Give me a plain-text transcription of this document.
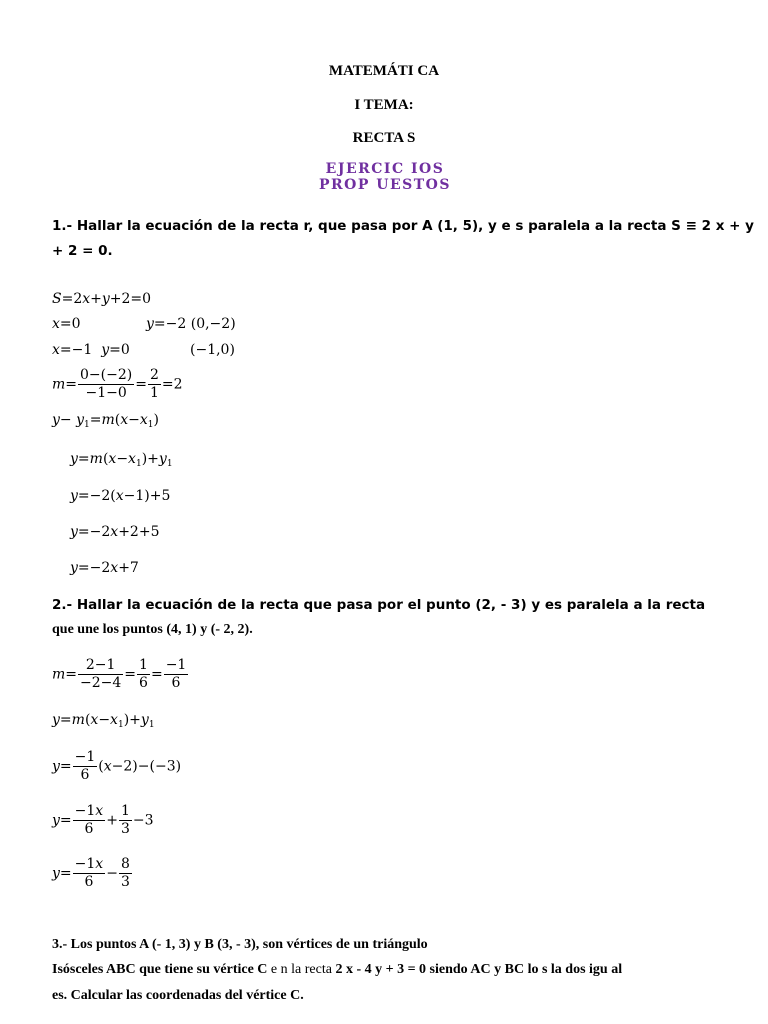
MATEMÁTI CA
I TEMA:
RECTA S
EJERCIC IOS PROP UESTOS
1.- Hallar la ecuación de la recta r, que pasa por A (1, 5), y e s paralela a la recta S ≡ 2 x + y
+ 2 = 0.
S=2x+y+2=0
x=0	y=−2 (0,−2)
x=−1  y=0	(−1,0)
$m= \frac{0-(-2)}{-1-0} = \frac{2}{1} =2$
$y- y_1=m(x-x_1)$
$y=m(x-x_1)+y_1$
y=−2(x−1)+5
y=−2x+2+5
y=−2x+7
2.- Hallar la ecuación de la recta que pasa por el punto (2, - 3) y es paralela a la recta
que une los puntos (4, 1) y (- 2, 2).
$m= \frac{2-1}{-2-4} = \frac{1}{6} = \frac{-1}{6}$
$y=m(x-x_1)+y_1$
$y= \frac{-1}{6} (x-2)-(-3)$
$y= \frac{-1x}{6} + \frac{1}{3} -3$
$y= \frac{-1x}{6} - \frac{8}{3}$
3.- Los puntos A (- 1, 3) y B (3, - 3), son vértices de un triángulo
Isósceles ABC que tiene su vértice C e n la recta 2 x - 4 y + 3 = 0 siendo AC y BC lo s la dos igu al
es. Calcular las coordenadas del vértice C.
